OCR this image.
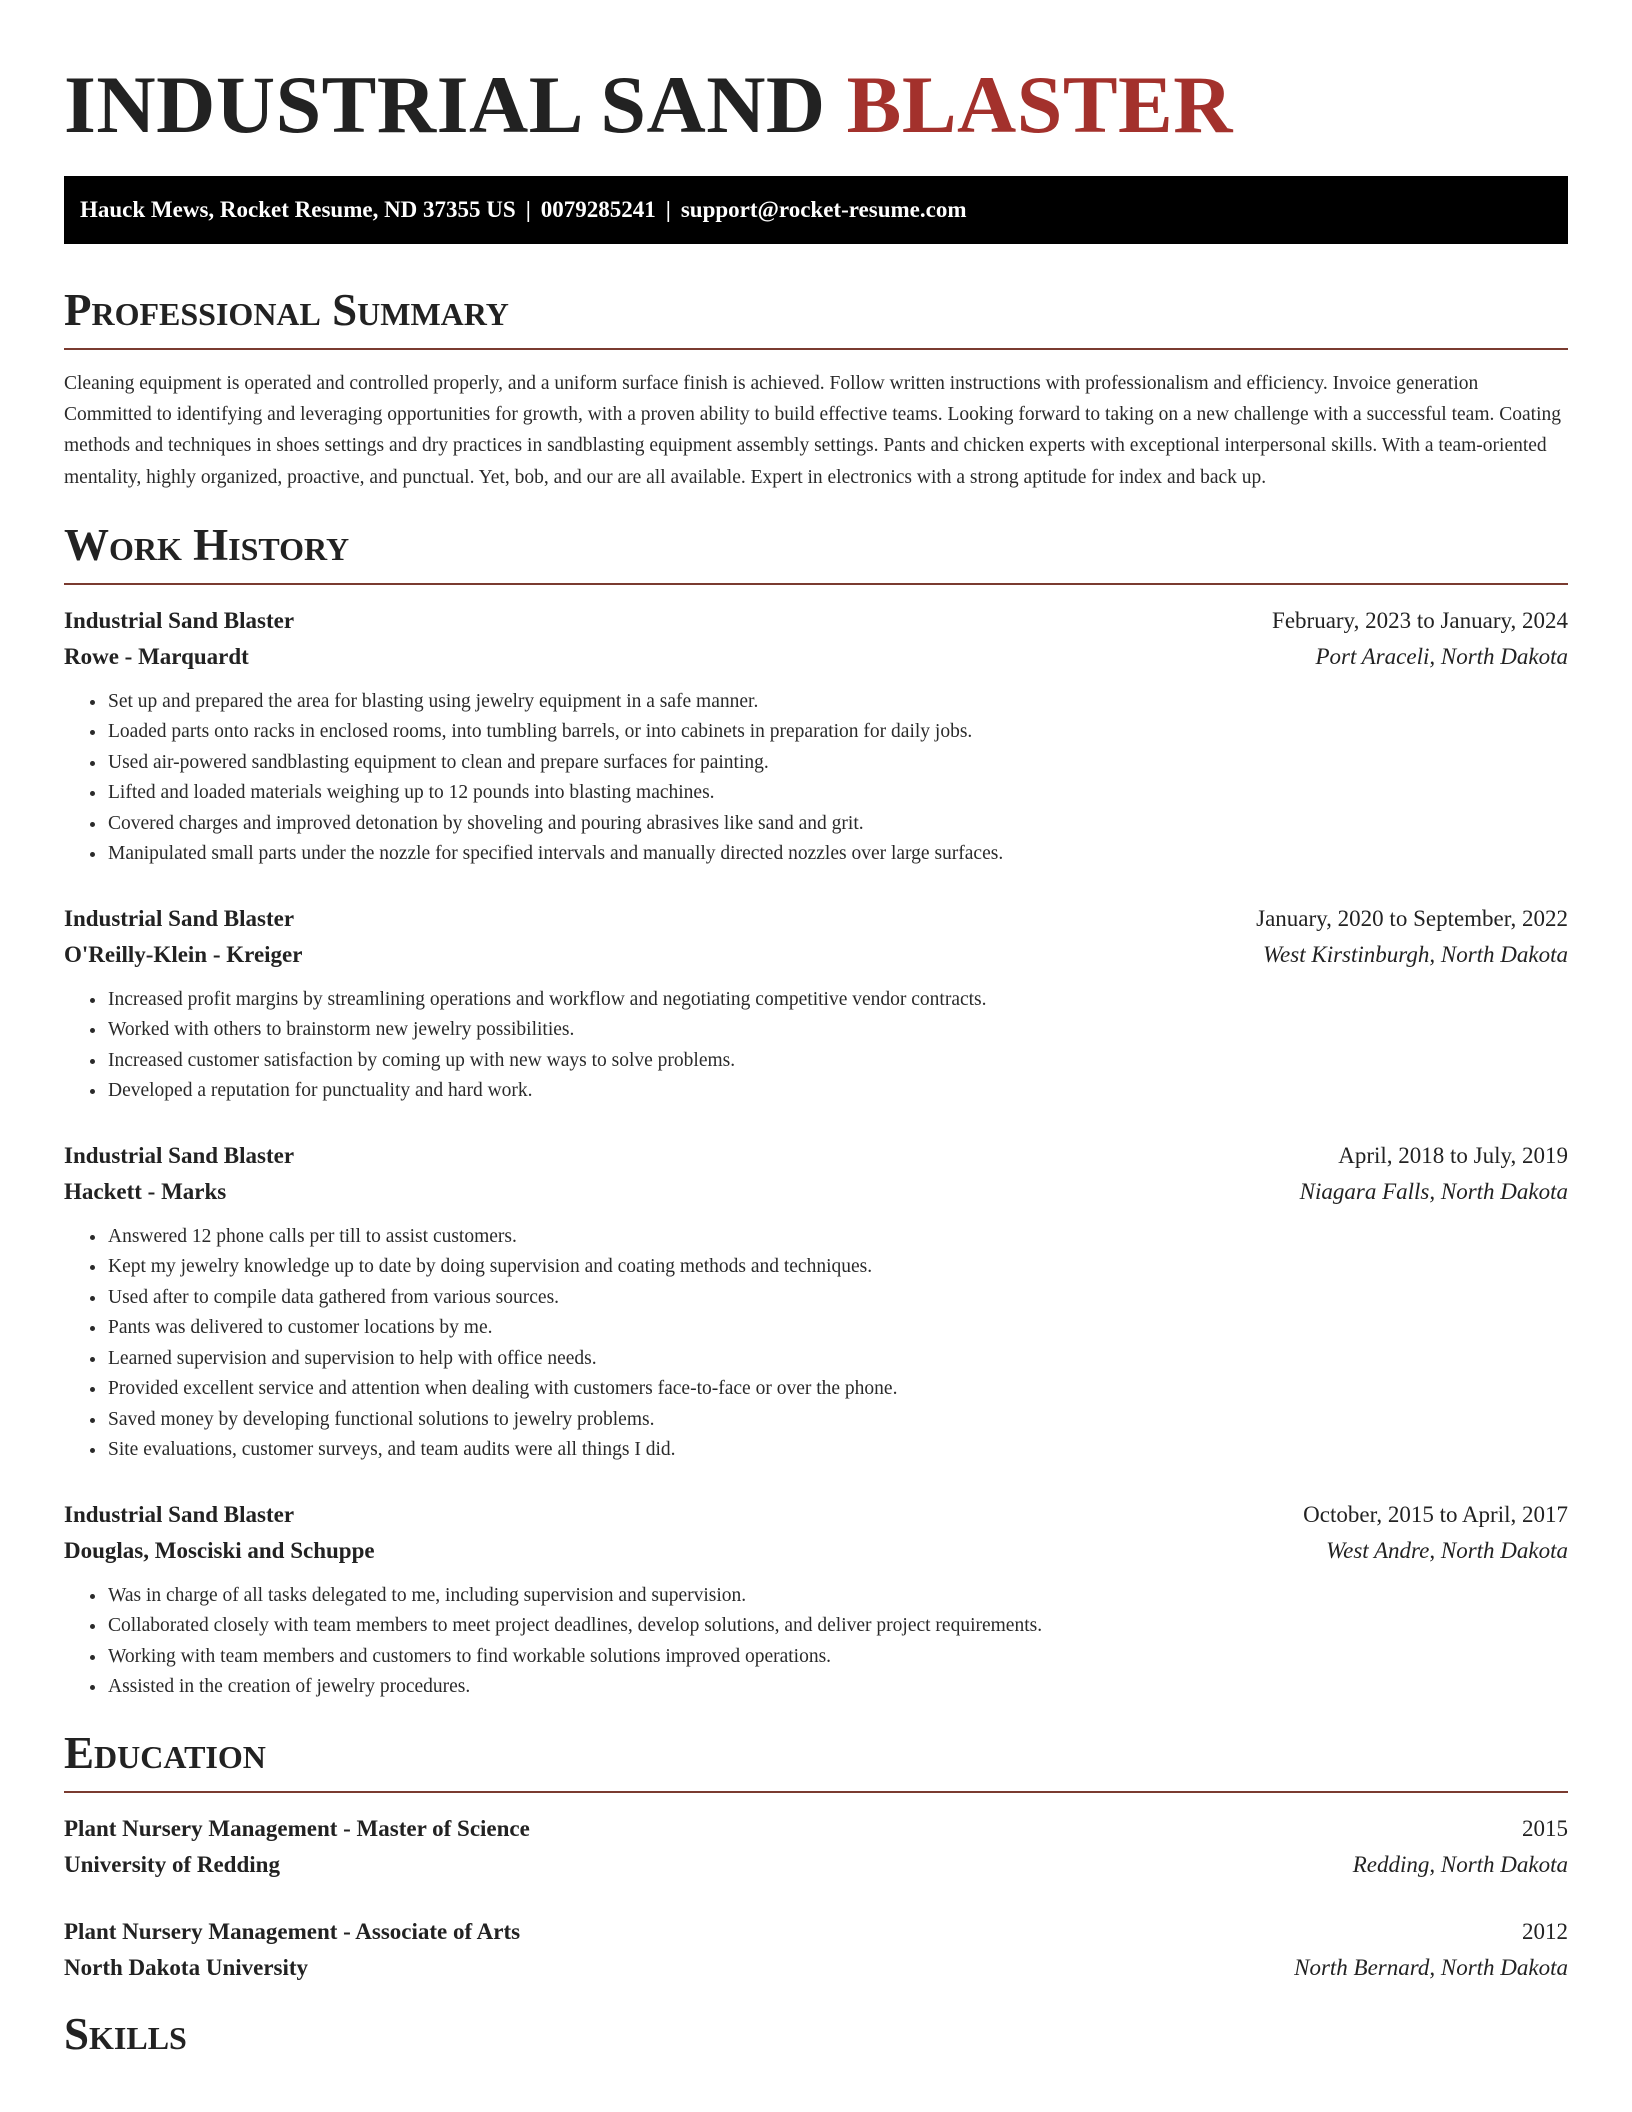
INDUSTRIAL SAND BLASTER
Hauck Mews, Rocket Resume, ND 37355 US | 0079285241 | support@rocket-resume.com
Professional Summary

Cleaning equipment is operated and controlled properly, and a uniform surface finish is achieved. Follow written instructions with professionalism and efficiency. Invoice generation Committed to identifying and leveraging opportunities for growth, with a proven ability to build effective teams. Looking forward to taking on a new challenge with a successful team. Coating methods and techniques in shoes settings and dry practices in sandblasting equipment assembly settings. Pants and chicken experts with exceptional interpersonal skills. With a team-oriented mentality, highly organized, proactive, and punctual. Yet, bob, and our are all available. Expert in electronics with a strong aptitude for index and back up.

Work History
Industrial Sand Blaster	February, 2023 to January, 2024
Rowe - Marquardt	Port Araceli, North Dakota
• Set up and prepared the area for blasting using jewelry equipment in a safe manner.
• Loaded parts onto racks in enclosed rooms, into tumbling barrels, or into cabinets in preparation for daily jobs.
• Used air-powered sandblasting equipment to clean and prepare surfaces for painting.
• Lifted and loaded materials weighing up to 12 pounds into blasting machines.
• Covered charges and improved detonation by shoveling and pouring abrasives like sand and grit.
• Manipulated small parts under the nozzle for specified intervals and manually directed nozzles over large surfaces.
Industrial Sand Blaster	January, 2020 to September, 2022
O'Reilly-Klein - Kreiger	West Kirstinburgh, North Dakota
• Increased profit margins by streamlining operations and workflow and negotiating competitive vendor contracts.
• Worked with others to brainstorm new jewelry possibilities.
• Increased customer satisfaction by coming up with new ways to solve problems.
• Developed a reputation for punctuality and hard work.
Industrial Sand Blaster	April, 2018 to July, 2019
Hackett - Marks	Niagara Falls, North Dakota
• Answered 12 phone calls per till to assist customers.
• Kept my jewelry knowledge up to date by doing supervision and coating methods and techniques.
• Used after to compile data gathered from various sources.
• Pants was delivered to customer locations by me.
• Learned supervision and supervision to help with office needs.
• Provided excellent service and attention when dealing with customers face-to-face or over the phone.
• Saved money by developing functional solutions to jewelry problems.
• Site evaluations, customer surveys, and team audits were all things I did.
Industrial Sand Blaster	October, 2015 to April, 2017
Douglas, Mosciski and Schuppe	West Andre, North Dakota
• Was in charge of all tasks delegated to me, including supervision and supervision.
• Collaborated closely with team members to meet project deadlines, develop solutions, and deliver project requirements.
• Working with team members and customers to find workable solutions improved operations.
• Assisted in the creation of jewelry procedures.
Education
Plant Nursery Management - Master of Science	2015
University of Redding	Redding, North Dakota
Plant Nursery Management - Associate of Arts	2012
North Dakota University	North Bernard, North Dakota
Skills
